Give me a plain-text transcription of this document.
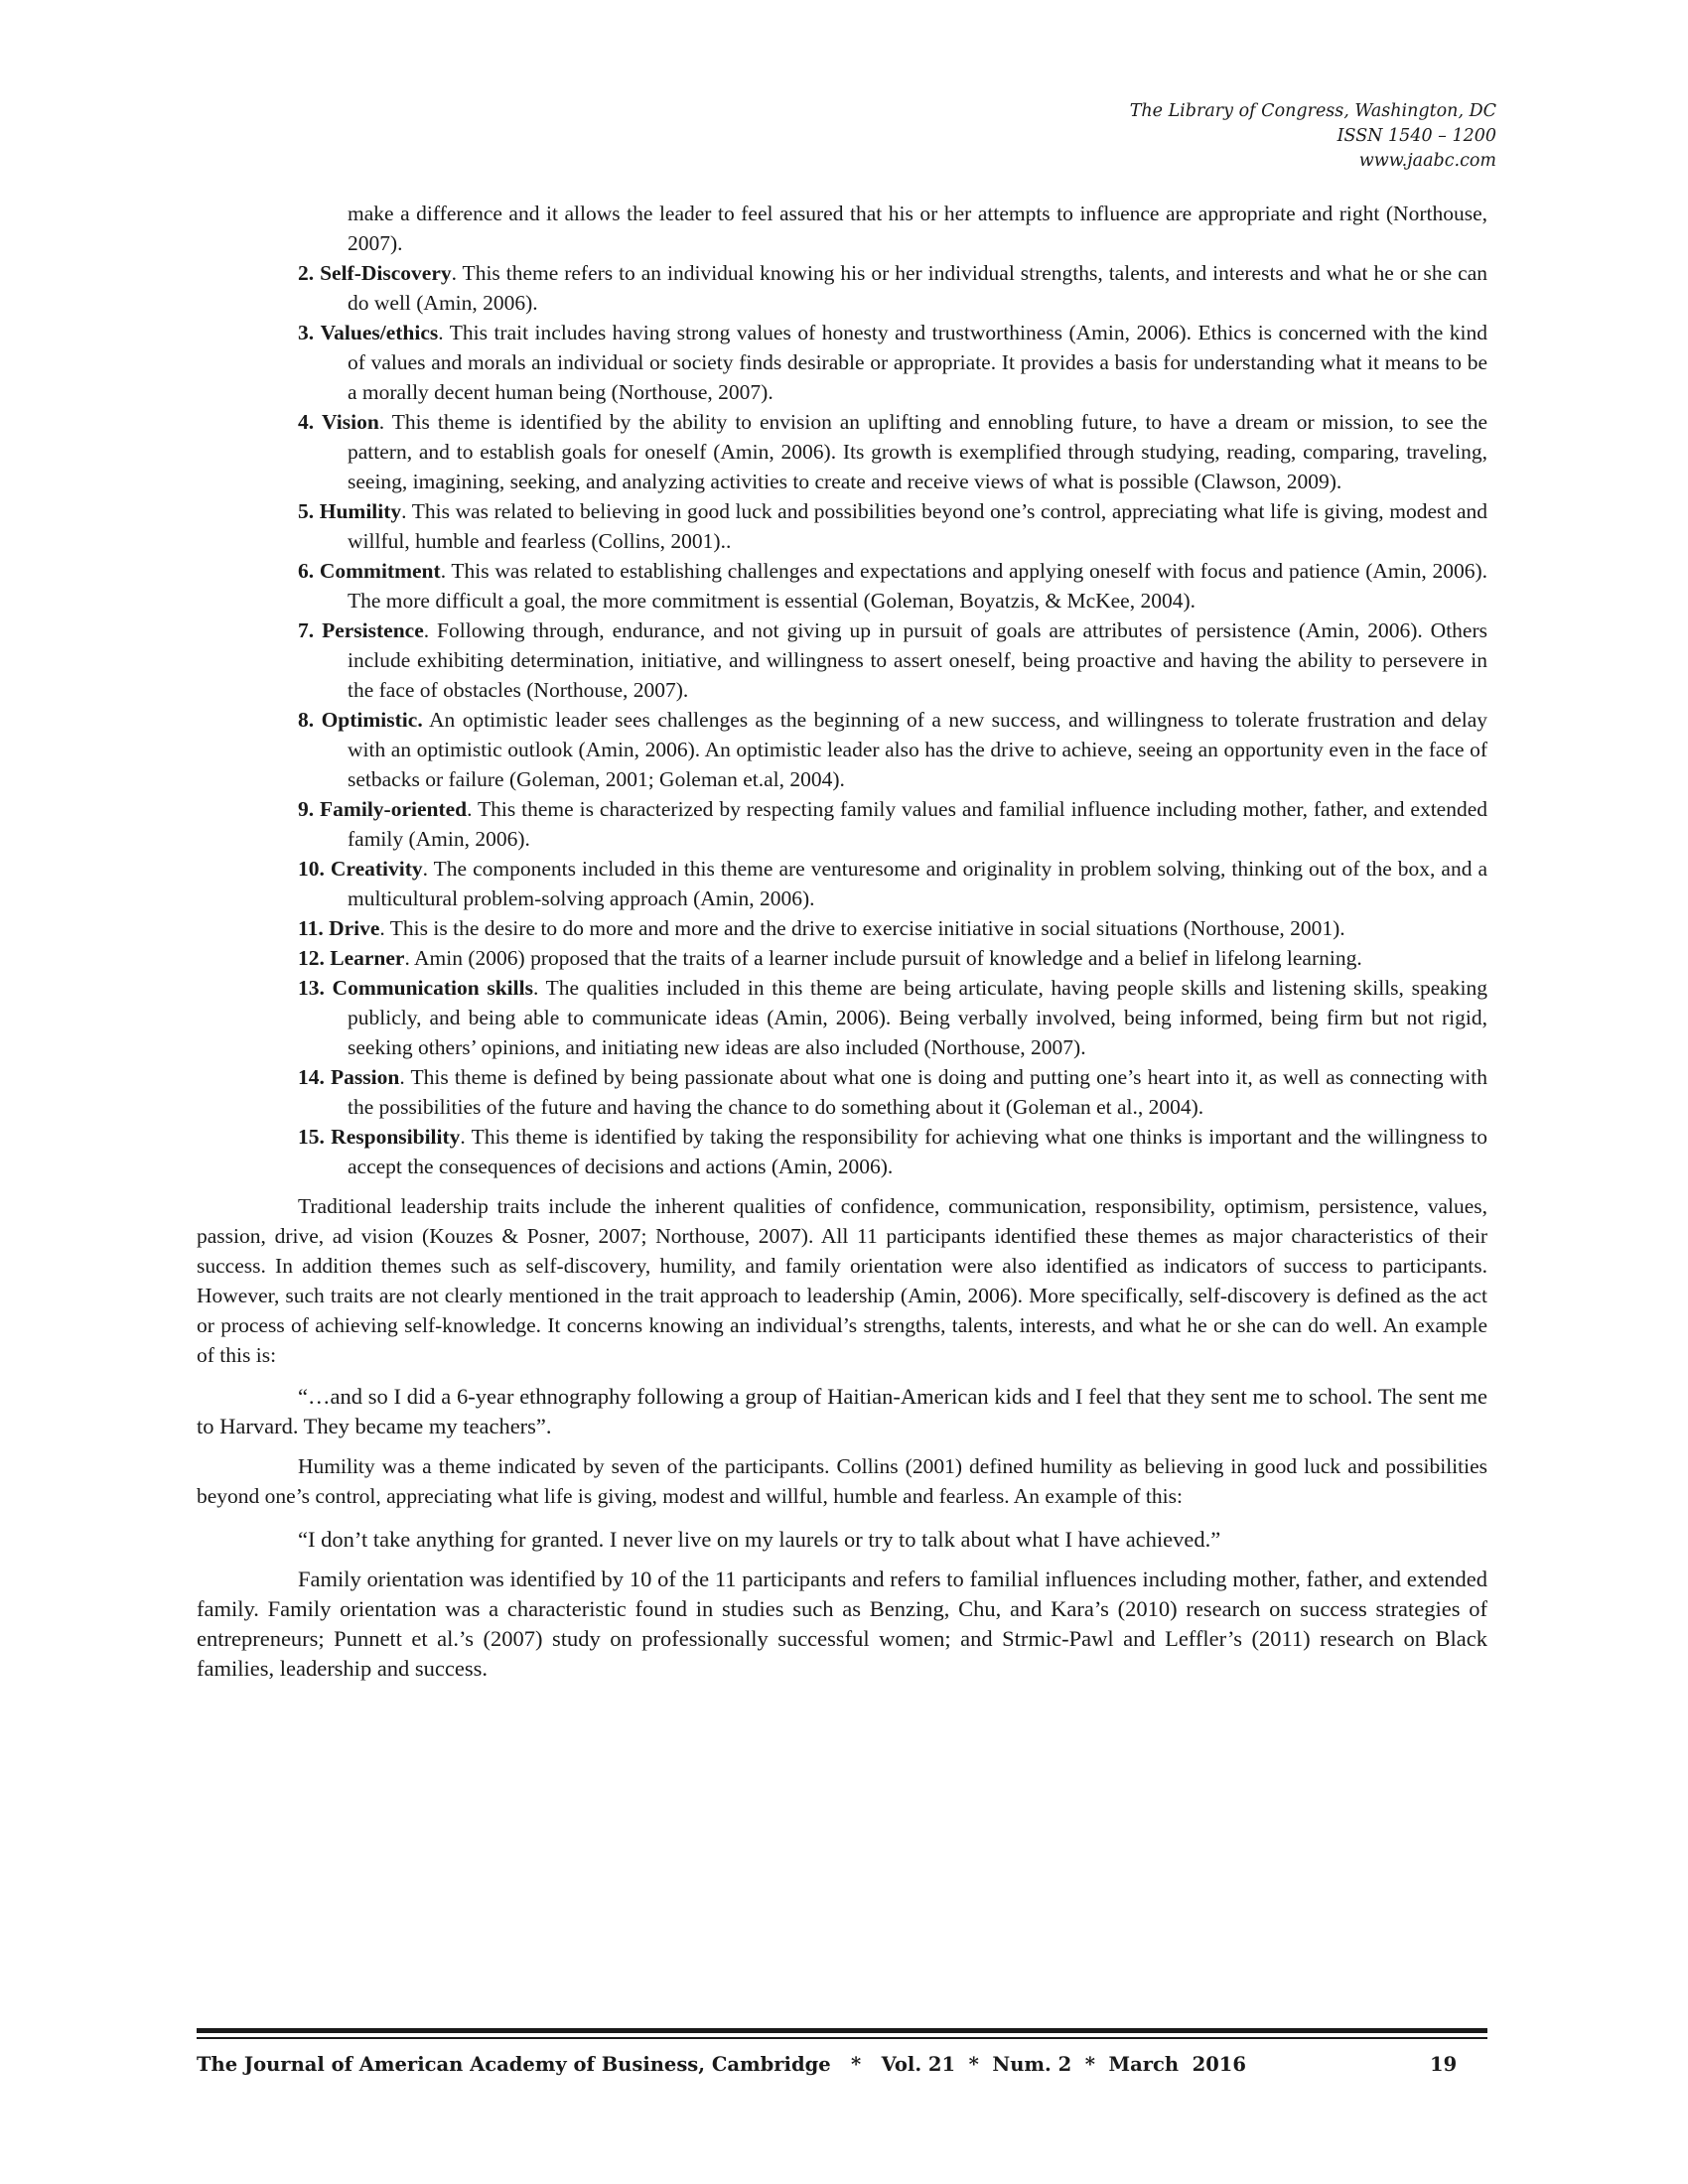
The Library of Congress, Washington, DC
ISSN 1540 – 1200
www.jaabc.com
make a difference and it allows the leader to feel assured that his or her attempts to influence are appropriate and right (Northouse, 2007).
2. Self-Discovery. This theme refers to an individual knowing his or her individual strengths, talents, and interests and what he or she can do well (Amin, 2006).
3. Values/ethics. This trait includes having strong values of honesty and trustworthiness (Amin, 2006). Ethics is concerned with the kind of values and morals an individual or society finds desirable or appropriate. It provides a basis for understanding what it means to be a morally decent human being (Northouse, 2007).
4. Vision. This theme is identified by the ability to envision an uplifting and ennobling future, to have a dream or mission, to see the pattern, and to establish goals for oneself (Amin, 2006). Its growth is exemplified through studying, reading, comparing, traveling, seeing, imagining, seeking, and analyzing activities to create and receive views of what is possible (Clawson, 2009).
5. Humility. This was related to believing in good luck and possibilities beyond one’s control, appreciating what life is giving, modest and willful, humble and fearless (Collins, 2001)..
6. Commitment. This was related to establishing challenges and expectations and applying oneself with focus and patience (Amin, 2006). The more difficult a goal, the more commitment is essential (Goleman, Boyatzis, & McKee, 2004).
7. Persistence. Following through, endurance, and not giving up in pursuit of goals are attributes of persistence (Amin, 2006). Others include exhibiting determination, initiative, and willingness to assert oneself, being proactive and having the ability to persevere in the face of obstacles (Northouse, 2007).
8. Optimistic. An optimistic leader sees challenges as the beginning of a new success, and willingness to tolerate frustration and delay with an optimistic outlook (Amin, 2006). An optimistic leader also has the drive to achieve, seeing an opportunity even in the face of setbacks or failure (Goleman, 2001; Goleman et.al, 2004).
9. Family-oriented. This theme is characterized by respecting family values and familial influence including mother, father, and extended family (Amin, 2006).
10. Creativity. The components included in this theme are venturesome and originality in problem solving, thinking out of the box, and a multicultural problem-solving approach (Amin, 2006).
11. Drive. This is the desire to do more and more and the drive to exercise initiative in social situations (Northouse, 2001).
12. Learner. Amin (2006) proposed that the traits of a learner include pursuit of knowledge and a belief in lifelong learning.
13. Communication skills. The qualities included in this theme are being articulate, having people skills and listening skills, speaking publicly, and being able to communicate ideas (Amin, 2006). Being verbally involved, being informed, being firm but not rigid, seeking others’ opinions, and initiating new ideas are also included (Northouse, 2007).
14. Passion. This theme is defined by being passionate about what one is doing and putting one’s heart into it, as well as connecting with the possibilities of the future and having the chance to do something about it (Goleman et al., 2004).
15. Responsibility. This theme is identified by taking the responsibility for achieving what one thinks is important and the willingness to accept the consequences of decisions and actions (Amin, 2006).

Traditional leadership traits include the inherent qualities of confidence, communication, responsibility, optimism, persistence, values, passion, drive, ad vision (Kouzes & Posner, 2007; Northouse, 2007). All 11 participants identified these themes as major characteristics of their success. In addition themes such as self-discovery, humility, and family orientation were also identified as indicators of success to participants. However, such traits are not clearly mentioned in the trait approach to leadership (Amin, 2006). More specifically, self-discovery is defined as the act or process of achieving self-knowledge. It concerns knowing an individual’s strengths, talents, interests, and what he or she can do well. An example of this is:

“…and so I did a 6-year ethnography following a group of Haitian-American kids and I feel that they sent me to school. The sent me to Harvard. They became my teachers”.

Humility was a theme indicated by seven of the participants. Collins (2001) defined humility as believing in good luck and possibilities beyond one’s control, appreciating what life is giving, modest and willful, humble and fearless. An example of this:

“I don’t take anything for granted. I never live on my laurels or try to talk about what I have achieved.”

Family orientation was identified by 10 of the 11 participants and refers to familial influences including mother, father, and extended family. Family orientation was a characteristic found in studies such as Benzing, Chu, and Kara’s (2010) research on success strategies of entrepreneurs; Punnett et al.’s (2007) study on professionally successful women; and Strmic-Pawl and Leffler’s (2011) research on Black families, leadership and success.

The Journal of American Academy of Business, Cambridge   *   Vol. 21  *  Num. 2  *  March  2016	19
